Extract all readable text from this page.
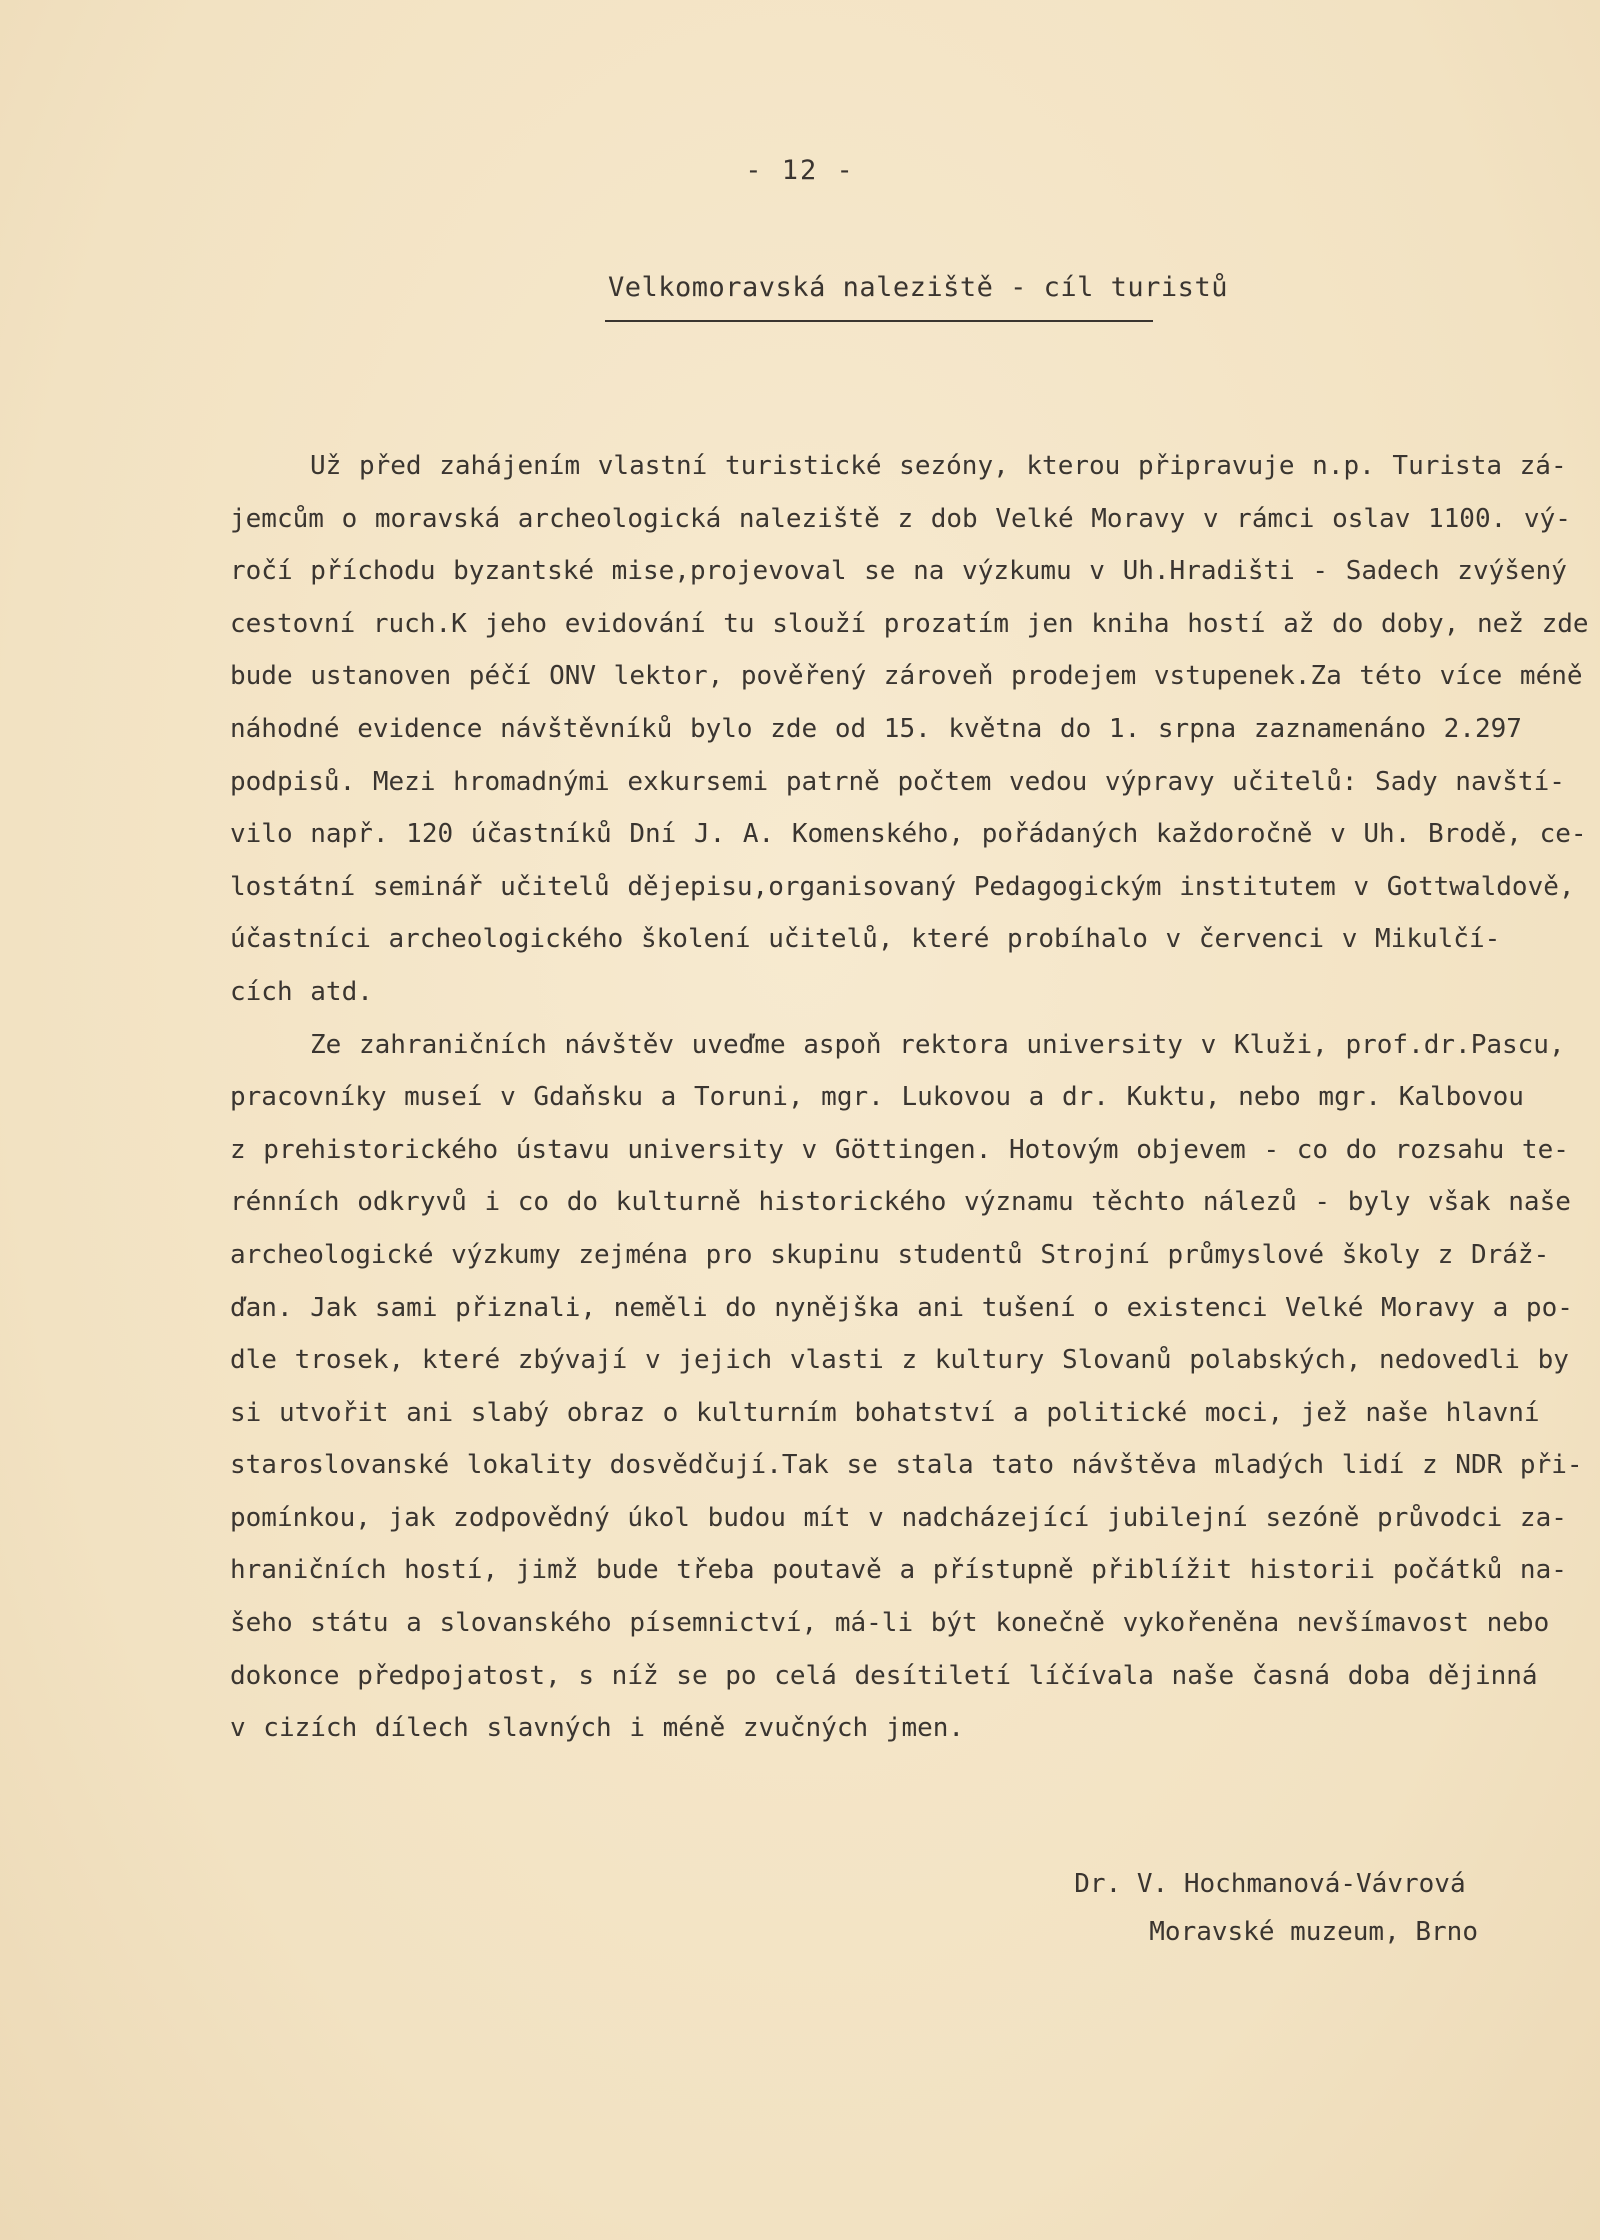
- 12 -
Velkomoravská naleziště - cíl turistů
Už před zahájením vlastní turistické sezóny, kterou připravuje n.p. Turista zá-
jemcům o moravská archeologická naleziště z dob Velké Moravy v rámci oslav 1100. vý-
ročí příchodu byzantské mise,projevoval se na výzkumu v Uh.Hradišti - Sadech zvýšený
cestovní ruch.K jeho evidování tu slouží prozatím jen kniha hostí až do doby, než zde
bude ustanoven péčí ONV lektor, pověřený zároveň prodejem vstupenek.Za této více méně
náhodné evidence návštěvníků bylo zde od 15. května do 1. srpna zaznamenáno 2.297
podpisů. Mezi hromadnými exkursemi patrně počtem vedou výpravy učitelů: Sady navští-
vilo např. 120 účastníků Dní J. A. Komenského, pořádaných každoročně v Uh. Brodě, ce-
lostátní seminář učitelů dějepisu,organisovaný Pedagogickým institutem v Gottwaldově,
účastníci archeologického školení učitelů, které probíhalo v červenci v Mikulčí-
cích atd.
Ze zahraničních návštěv uveďme aspoň rektora university v Kluži, prof.dr.Pascu,
pracovníky museí v Gdaňsku a Toruni, mgr. Lukovou a dr. Kuktu, nebo mgr. Kalbovou
z prehistorického ústavu university v Göttingen. Hotovým objevem - co do rozsahu te-
rénních odkryvů i co do kulturně historického významu těchto nálezů - byly však naše
archeologické výzkumy zejména pro skupinu studentů Strojní průmyslové školy z Dráž-
ďan. Jak sami přiznali, neměli do nynějška ani tušení o existenci Velké Moravy a po-
dle trosek, které zbývají v jejich vlasti z kultury Slovanů polabských, nedovedli by
si utvořit ani slabý obraz o kulturním bohatství a politické moci, jež naše hlavní
staroslovanské lokality dosvědčují.Tak se stala tato návštěva mladých lidí z NDR při-
pomínkou, jak zodpovědný úkol budou mít v nadcházející jubilejní sezóně průvodci za-
hraničních hostí, jimž bude třeba poutavě a přístupně přiblížit historii počátků na-
šeho státu a slovanského písemnictví, má-li být konečně vykořeněna nevšímavost nebo
dokonce předpojatost, s níž se po celá desítiletí líčívala naše časná doba dějinná
v cizích dílech slavných i méně zvučných jmen.
Dr. V. Hochmanová-Vávrová
Moravské muzeum, Brno
